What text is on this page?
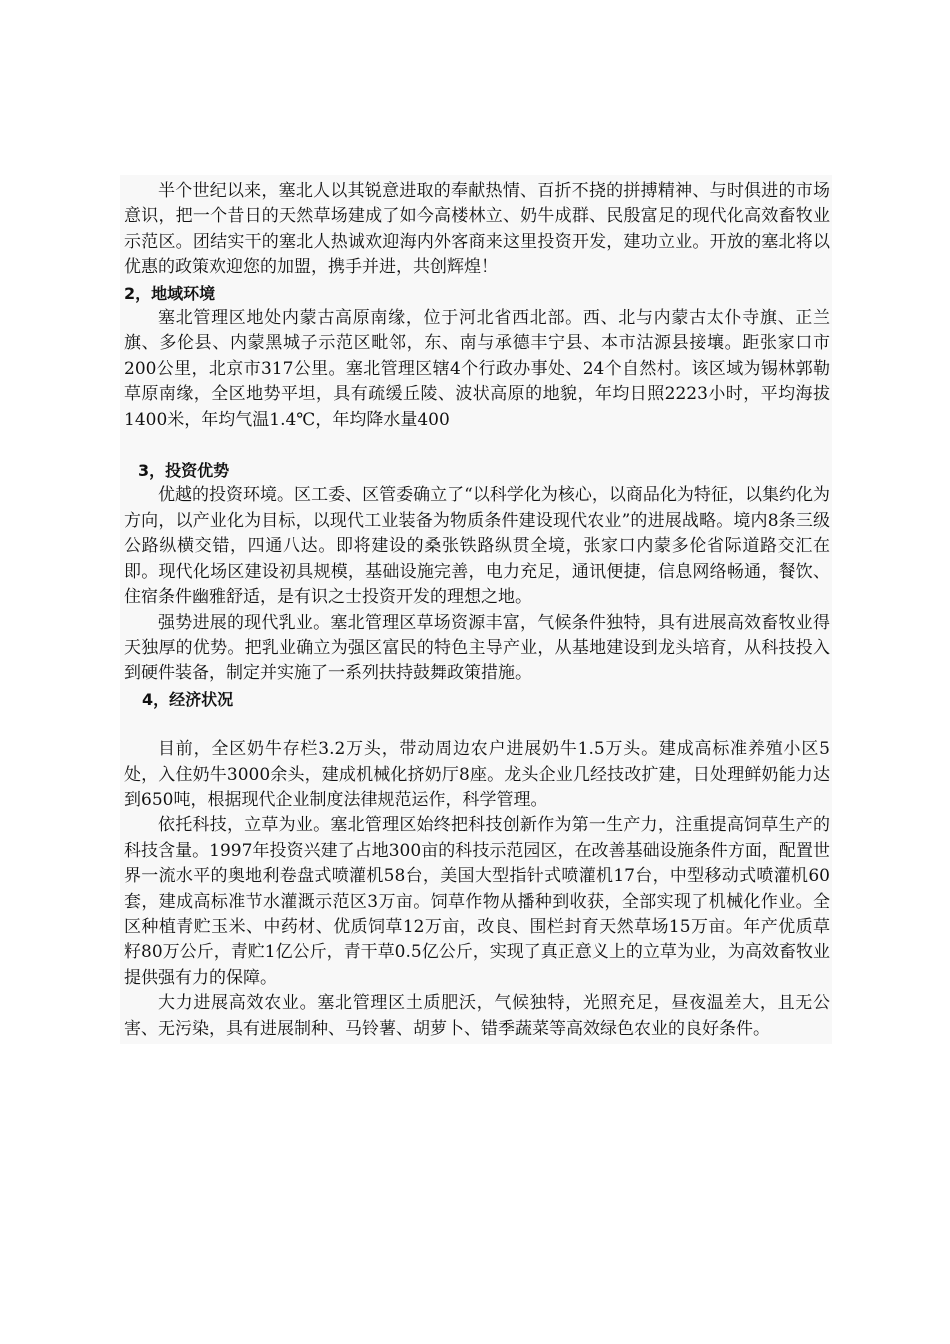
半个世纪以来，塞北人以其锐意进取的奉献热情、百折不挠的拼搏精神、与时俱进的市场意识，把一个昔日的天然草场建成了如今高楼林立、奶牛成群、民殷富足的现代化高效畜牧业示范区。团结实干的塞北人热诚欢迎海内外客商来这里投资开发，建功立业。开放的塞北将以优惠的政策欢迎您的加盟，携手并进，共创辉煌！

2，地域环境

塞北管理区地处内蒙古高原南缘，位于河北省西北部。西、北与内蒙古太仆寺旗、正兰旗、多伦县、内蒙黑城子示范区毗邻，东、南与承德丰宁县、本市沽源县接壤。距张家口市200公里，北京市317公里。塞北管理区辖4个行政办事处、24个自然村。该区域为锡林郭勒草原南缘，全区地势平坦，具有疏缓丘陵、波状高原的地貌，年均日照2223小时，平均海拔1400米，年均气温1.4℃，年均降水量400

3，投资优势

优越的投资环境。区工委、区管委确立了“以科学化为核心，以商品化为特征，以集约化为方向，以产业化为目标，以现代工业装备为物质条件建设现代农业”的进展战略。境内8条三级公路纵横交错，四通八达。即将建设的桑张铁路纵贯全境，张家口内蒙多伦省际道路交汇在即。现代化场区建设初具规模，基础设施完善，电力充足，通讯便捷，信息网络畅通，餐饮、住宿条件幽雅舒适，是有识之士投资开发的理想之地。

强势进展的现代乳业。塞北管理区草场资源丰富，气候条件独特，具有进展高效畜牧业得天独厚的优势。把乳业确立为强区富民的特色主导产业，从基地建设到龙头培育，从科技投入到硬件装备，制定并实施了一系列扶持鼓舞政策措施。

4，经济状况

目前，全区奶牛存栏3.2万头，带动周边农户进展奶牛1.5万头。建成高标准养殖小区5处，入住奶牛3000余头，建成机械化挤奶厅8座。龙头企业几经技改扩建，日处理鲜奶能力达到650吨，根据现代企业制度法律规范运作，科学管理。

依托科技，立草为业。塞北管理区始终把科技创新作为第一生产力，注重提高饲草生产的科技含量。1997年投资兴建了占地300亩的科技示范园区，在改善基础设施条件方面，配置世界一流水平的奥地利卷盘式喷灌机58台，美国大型指针式喷灌机17台，中型移动式喷灌机60套，建成高标准节水灌溉示范区3万亩。饲草作物从播种到收获，全部实现了机械化作业。全区种植青贮玉米、中药材、优质饲草12万亩，改良、围栏封育天然草场15万亩。年产优质草籽80万公斤，青贮1亿公斤，青干草0.5亿公斤，实现了真正意义上的立草为业，为高效畜牧业提供强有力的保障。

大力进展高效农业。塞北管理区土质肥沃，气候独特，光照充足，昼夜温差大，且无公害、无污染，具有进展制种、马铃薯、胡萝卜、错季蔬菜等高效绿色农业的良好条件。
